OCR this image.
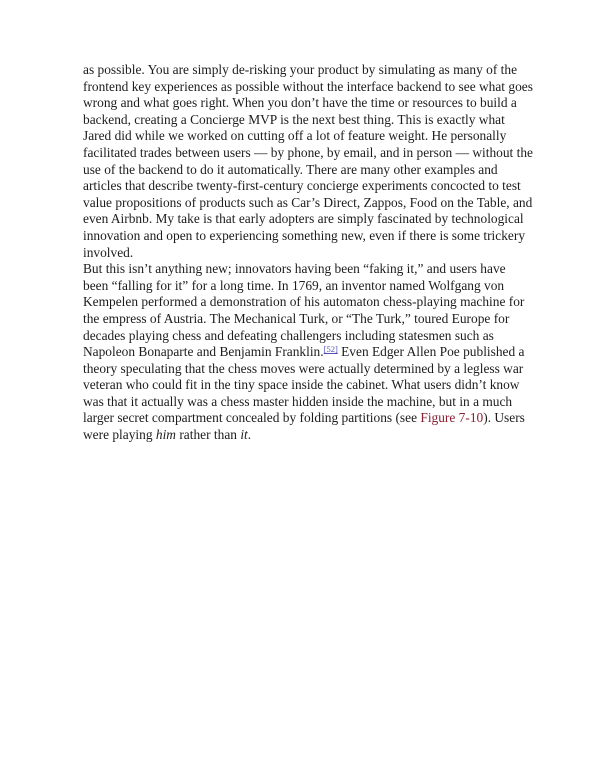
as possible. You are simply de-risking your product by simulating as many of the frontend key experiences as possible without the interface backend to see what goes wrong and what goes right. When you don’t have the time or resources to build a backend, creating a Concierge MVP is the next best thing. This is exactly what Jared did while we worked on cutting off a lot of feature weight. He personally facilitated trades between users — by phone, by email, and in person — without the use of the backend to do it automatically. There are many other examples and articles that describe twenty-first-century concierge experiments concocted to test value propositions of products such as Car’s Direct, Zappos, Food on the Table, and even Airbnb. My take is that early adopters are simply fascinated by technological innovation and open to experiencing something new, even if there is some trickery involved.

But this isn’t anything new; innovators having been “faking it,” and users have been “falling for it” for a long time. In 1769, an inventor named Wolfgang von Kempelen performed a demonstration of his automaton chess-playing machine for the empress of Austria. The Mechanical Turk, or “The Turk,” toured Europe for decades playing chess and defeating challengers including statesmen such as Napoleon Bonaparte and Benjamin Franklin.[52] Even Edger Allen Poe published a theory speculating that the chess moves were actually determined by a legless war veteran who could fit in the tiny space inside the cabinet. What users didn’t know was that it actually was a chess master hidden inside the machine, but in a much larger secret compartment concealed by folding partitions (see Figure 7-10). Users were playing him rather than it.
